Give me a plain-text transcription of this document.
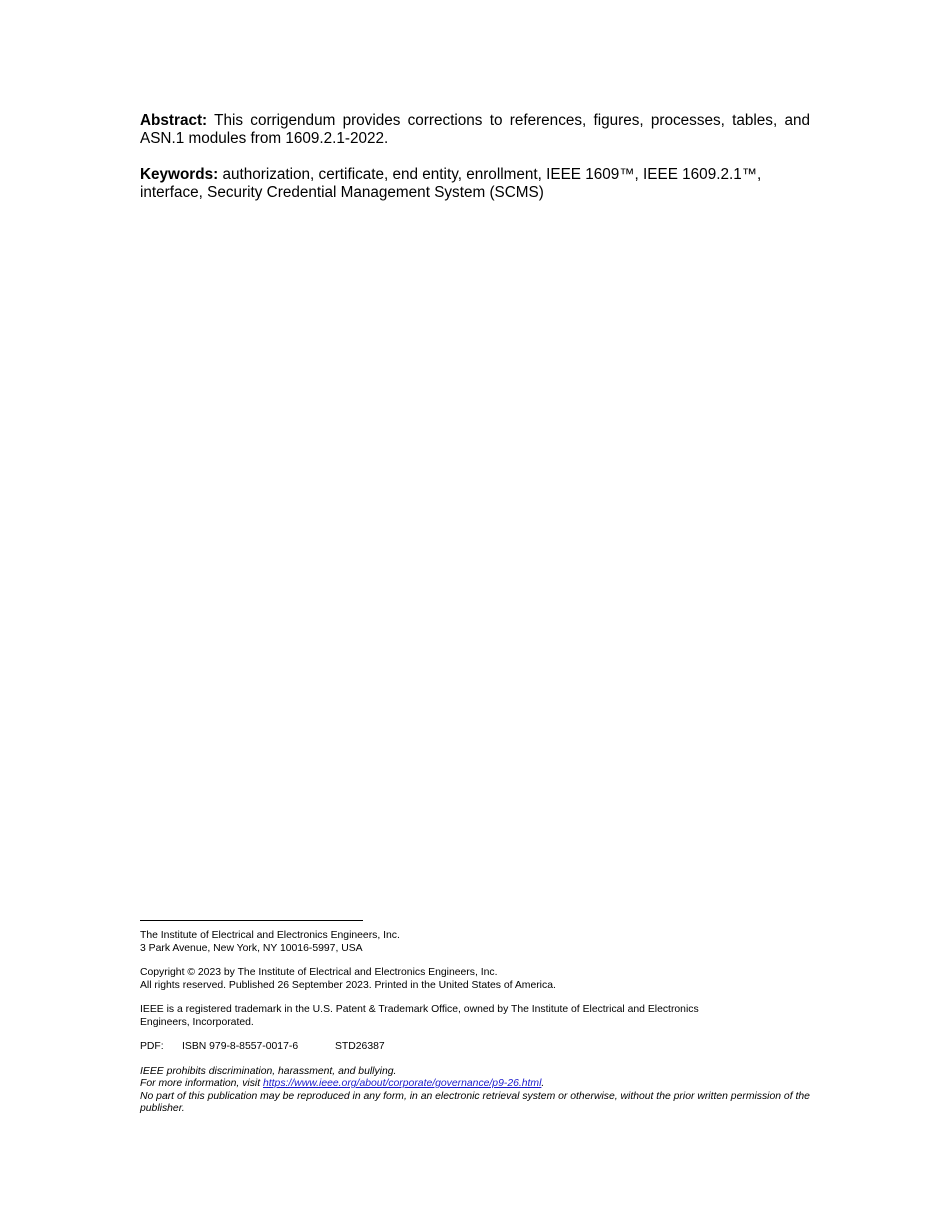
Abstract: This corrigendum provides corrections to references, figures, processes, tables, and ASN.1 modules from 1609.2.1-2022.
Keywords: authorization, certificate, end entity, enrollment, IEEE 1609™, IEEE 1609.2.1™, interface, Security Credential Management System (SCMS)
The Institute of Electrical and Electronics Engineers, Inc.
3 Park Avenue, New York, NY 10016-5997, USA
Copyright © 2023 by The Institute of Electrical and Electronics Engineers, Inc.
All rights reserved. Published 26 September 2023. Printed in the United States of America.
IEEE is a registered trademark in the U.S. Patent & Trademark Office, owned by The Institute of Electrical and Electronics Engineers, Incorporated.
PDF: ISBN 979-8-8557-0017-6	STD26387
IEEE prohibits discrimination, harassment, and bullying.
For more information, visit https://www.ieee.org/about/corporate/governance/p9-26.html.
No part of this publication may be reproduced in any form, in an electronic retrieval system or otherwise, without the prior written permission of the publisher.
